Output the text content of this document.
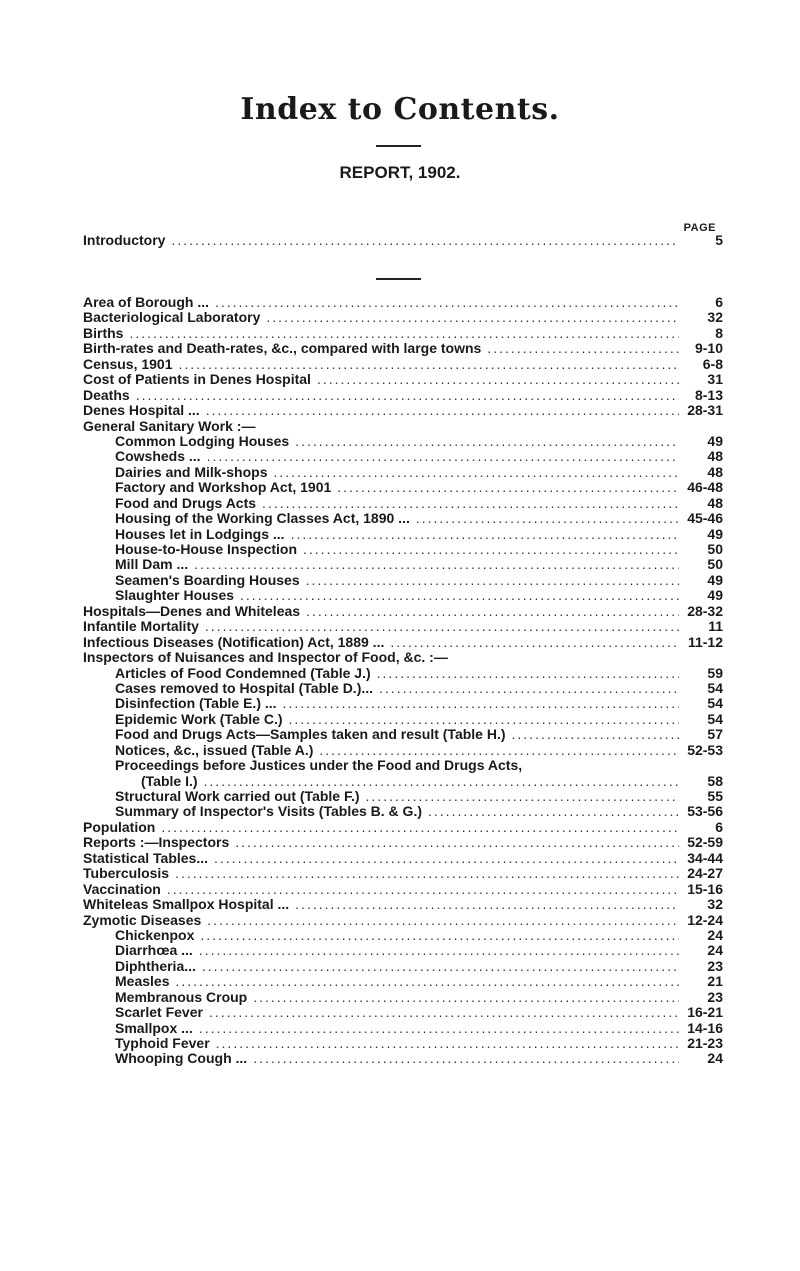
Index to Contents.
REPORT, 1902.
PAGE
Introductory .....	5
Area of Borough ... .....	6
Bacteriological Laboratory .....	32
Births .....	8
Birth-rates and Death-rates, &c., compared with large towns .....	9-10
Census, 1901 .....	6-8
Cost of Patients in Denes Hospital .....	31
Deaths .....	8-13
Denes Hospital ... .....	28-31
General Sanitary Work :—
Common Lodging Houses .....	49
Cowsheds ... .....	48
Dairies and Milk-shops .....	48
Factory and Workshop Act, 1901 .....	46-48
Food and Drugs Acts .....	48
Housing of the Working Classes Act, 1890 ... .....	45-46
Houses let in Lodgings ... .....	49
House-to-House Inspection .....	50
Mill Dam ... .....	50
Seamen's Boarding Houses .....	49
Slaughter Houses .....	49
Hospitals—Denes and Whiteleas .....	28-32
Infantile Mortality .....	11
Infectious Diseases (Notification) Act, 1889 ... .....	11-12
Inspectors of Nuisances and Inspector of Food, &c. :—
Articles of Food Condemned (Table J.) .....	59
Cases removed to Hospital (Table D.)... .....	54
Disinfection (Table E.) ... .....	54
Epidemic Work (Table C.) .....	54
Food and Drugs Acts—Samples taken and result (Table H.) .....	57
Notices, &c., issued (Table A.) .....	52-53
Proceedings before Justices under the Food and Drugs Acts,
(Table I.) .....	58
Structural Work carried out (Table F.) .....	55
Summary of Inspector's Visits (Tables B. & G.) .....	53-56
Population .....	6
Reports :—Inspectors .....	52-59
Statistical Tables... .....	34-44
Tuberculosis .....	24-27
Vaccination .....	15-16
Whiteleas Smallpox Hospital ... .....	32
Zymotic Diseases .....	12-24
Chickenpox .....	24
Diarrhœa ... .....	24
Diphtheria... .....	23
Measles .....	21
Membranous Croup .....	23
Scarlet Fever .....	16-21
Smallpox ... .....	14-16
Typhoid Fever .....	21-23
Whooping Cough ... .....	24
